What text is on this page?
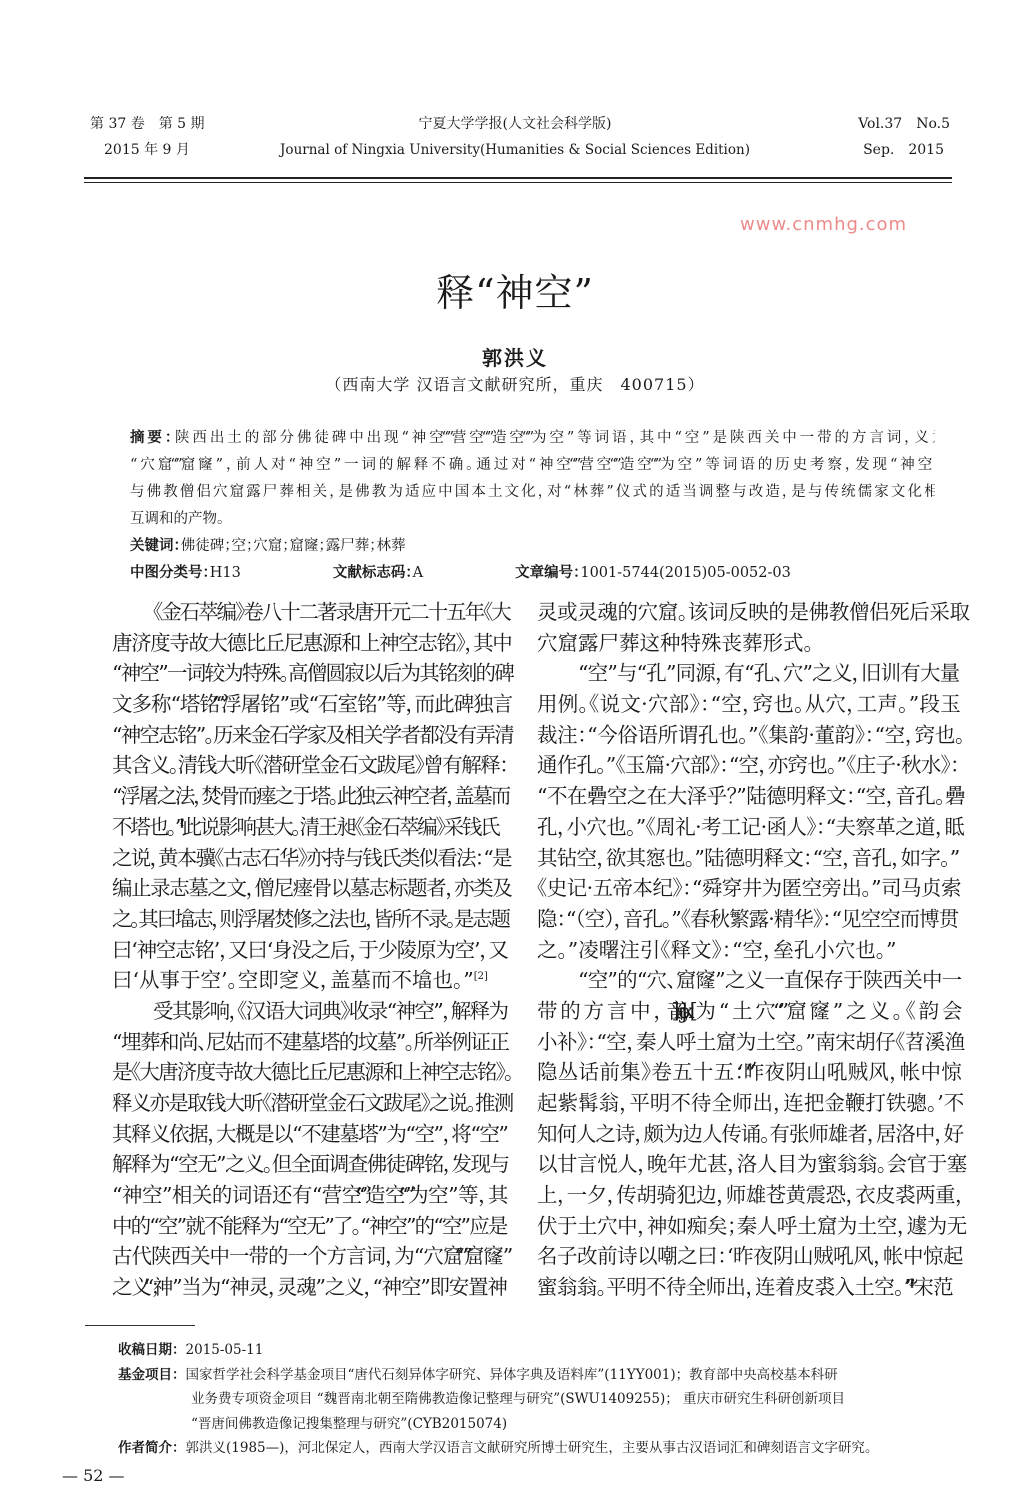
第 37 卷　第 5 期
2015 年 9 月
宁夏大学学报(人文社会科学版)
Journal of Ningxia University(Humanities & Social Sciences Edition)
Vol.37　No.5
Sep.　2015
www.cnmhg.com
释“神空”
郭洪义
（西南大学 汉语言文献研究所，重庆　400715）
摘要：陕西出土的部分佛徒碑中出现“神空”“营空”“造空”“为空”等词语，其中“空”是陕西关中一带的方言词，义为
“穴窟”“窟窿”，前人对“神空”一词的解释不确。通过对“神空”“营空”“造空”“为空”等词语的历史考察，发现“神空”
与佛教僧侣穴窟露尸葬相关，是佛教为适应中国本土文化，对“林葬”仪式的适当调整与改造，是与传统儒家文化相
互调和的产物。
关键词：佛徒碑；空；穴窟；窟窿；露尸葬；林葬
中图分类号：H13	文献标志码：A	文章编号：1001-5744(2015)05-0052-03
《金石萃编》卷八十二著录唐开元二十五年《大
唐济度寺故大德比丘尼惠源和上神空志铭》，其中
“神空”一词较为特殊。高僧圆寂以后为其铭刻的碑
文多称“塔铭”“浮屠铭”或“石室铭”等，而此碑独言
“神空志铭”。历来金石学家及相关学者都没有弄清
其含义。清钱大昕《潜研堂金石文跋尾》曾有解释：
“浮屠之法，焚骨而瘗之于塔。此独云神空者，盖墓而
不塔也。”此说影响甚大。清王昶《金石萃编》采钱氏
之说，黄本骥《古志石华》亦持与钱氏类似看法：“是
编止录志墓之文，僧尼瘗骨以墓志标题者，亦类及
之。其曰墖志，则浮屠焚修之法也，皆所不录。是志题
曰‘神空志铭’，又曰‘身没之后，于少陵原为空’，又
曰‘从事于空’。空即窆义，盖墓而不墖也。”[2]
受其影响，《汉语大词典》收录“神空”，解释为
“埋葬和尚、尼姑而不建墓塔的坟墓”。所举例证正
是《大唐济度寺故大德比丘尼惠源和上神空志铭》。
释义亦是取钱大昕《潜研堂金石文跋尾》之说。推测
其释义依据，大概是以“不建墓塔”为“空”，将“空”
解释为“空无”之义。但全面调查佛徒碑铭，发现与
“神空”相关的词语还有“营空”“造空”“为空”等，其
中的“空”就不能释为“空无”了。“神空”的“空”应是
古代陕西关中一带的一个方言词，为“穴窟”“窟窿”
之义；“神”当为“神灵，灵魂”之义，“神空”即安置神
灵或灵魂的穴窟。该词反映的是佛教僧侣死后采取
穴窟露尸葬这种特殊丧葬形式。
“空”与“孔”同源，有“孔、穴”之义，旧训有大量
用例。《说文·穴部》：“空，窍也。从穴，工声。”段玉
裁注：“今俗语所谓孔也。”《集韵·董韵》：“空，窍也。
通作孔。”《玉篇·穴部》：“空，亦窍也。”《庄子·秋水》：
“不在礨空之在大泽乎？”陆德明释文：“空，音孔。礨
孔，小穴也。”《周礼·考工记·函人》：“夫察革之道，眡
其钻空，欲其惌也。”陆德明释文：“空，音孔，如字。”
《史记·五帝本纪》：“舜穿井为匿空旁出。”司马贞索
隐：“（空），音孔。”《春秋繁露·精华》：“见空空而博贯
之。”凌曙注引《释文》：“空，垒孔小穴也。”
“空”的“穴、窟窿”之义一直保存于陕西关中一
带的方言中，音[kòŋ]，为“土穴”“窟窿”之义。《韵会
小补》：“空，秦人呼土窟为土空。”南宋胡仔《苕溪渔
隐丛话前集》卷五十五：“‘昨夜阴山吼贼风，帐中惊
起紫髯翁，平明不待全师出，连把金鞭打铁骢。’不
知何人之诗，颇为边人传诵。有张师雄者，居洛中，好
以甘言悦人，晚年尤甚，洛人目为蜜翁翁。会官于塞
上，一夕，传胡骑犯边，师雄苍黄震恐，衣皮裘两重，
伏于土穴中，神如痴矣；秦人呼土窟为土空，遽为无
名子改前诗以嘲之曰：‘昨夜阴山贼吼风，帐中惊起
蜜翁翁。平明不待全师出，连着皮裘入土空。’”宋范
收稿日期： 2015-05-11
基金项目： 国家哲学社会科学基金项目“唐代石刻异体字研究、异体字典及语料库”(11YY001)；教育部中央高校基本科研
业务费专项资金项目 “魏晋南北朝至隋佛教造像记整理与研究”(SWU1409255)； 重庆市研究生科研创新项目
“晋唐间佛教造像记搜集整理与研究”(CYB2015074)
作者简介： 郭洪义(1985—)，河北保定人，西南大学汉语言文献研究所博士研究生，主要从事古汉语词汇和碑刻语言文字研究。
— 52 —
